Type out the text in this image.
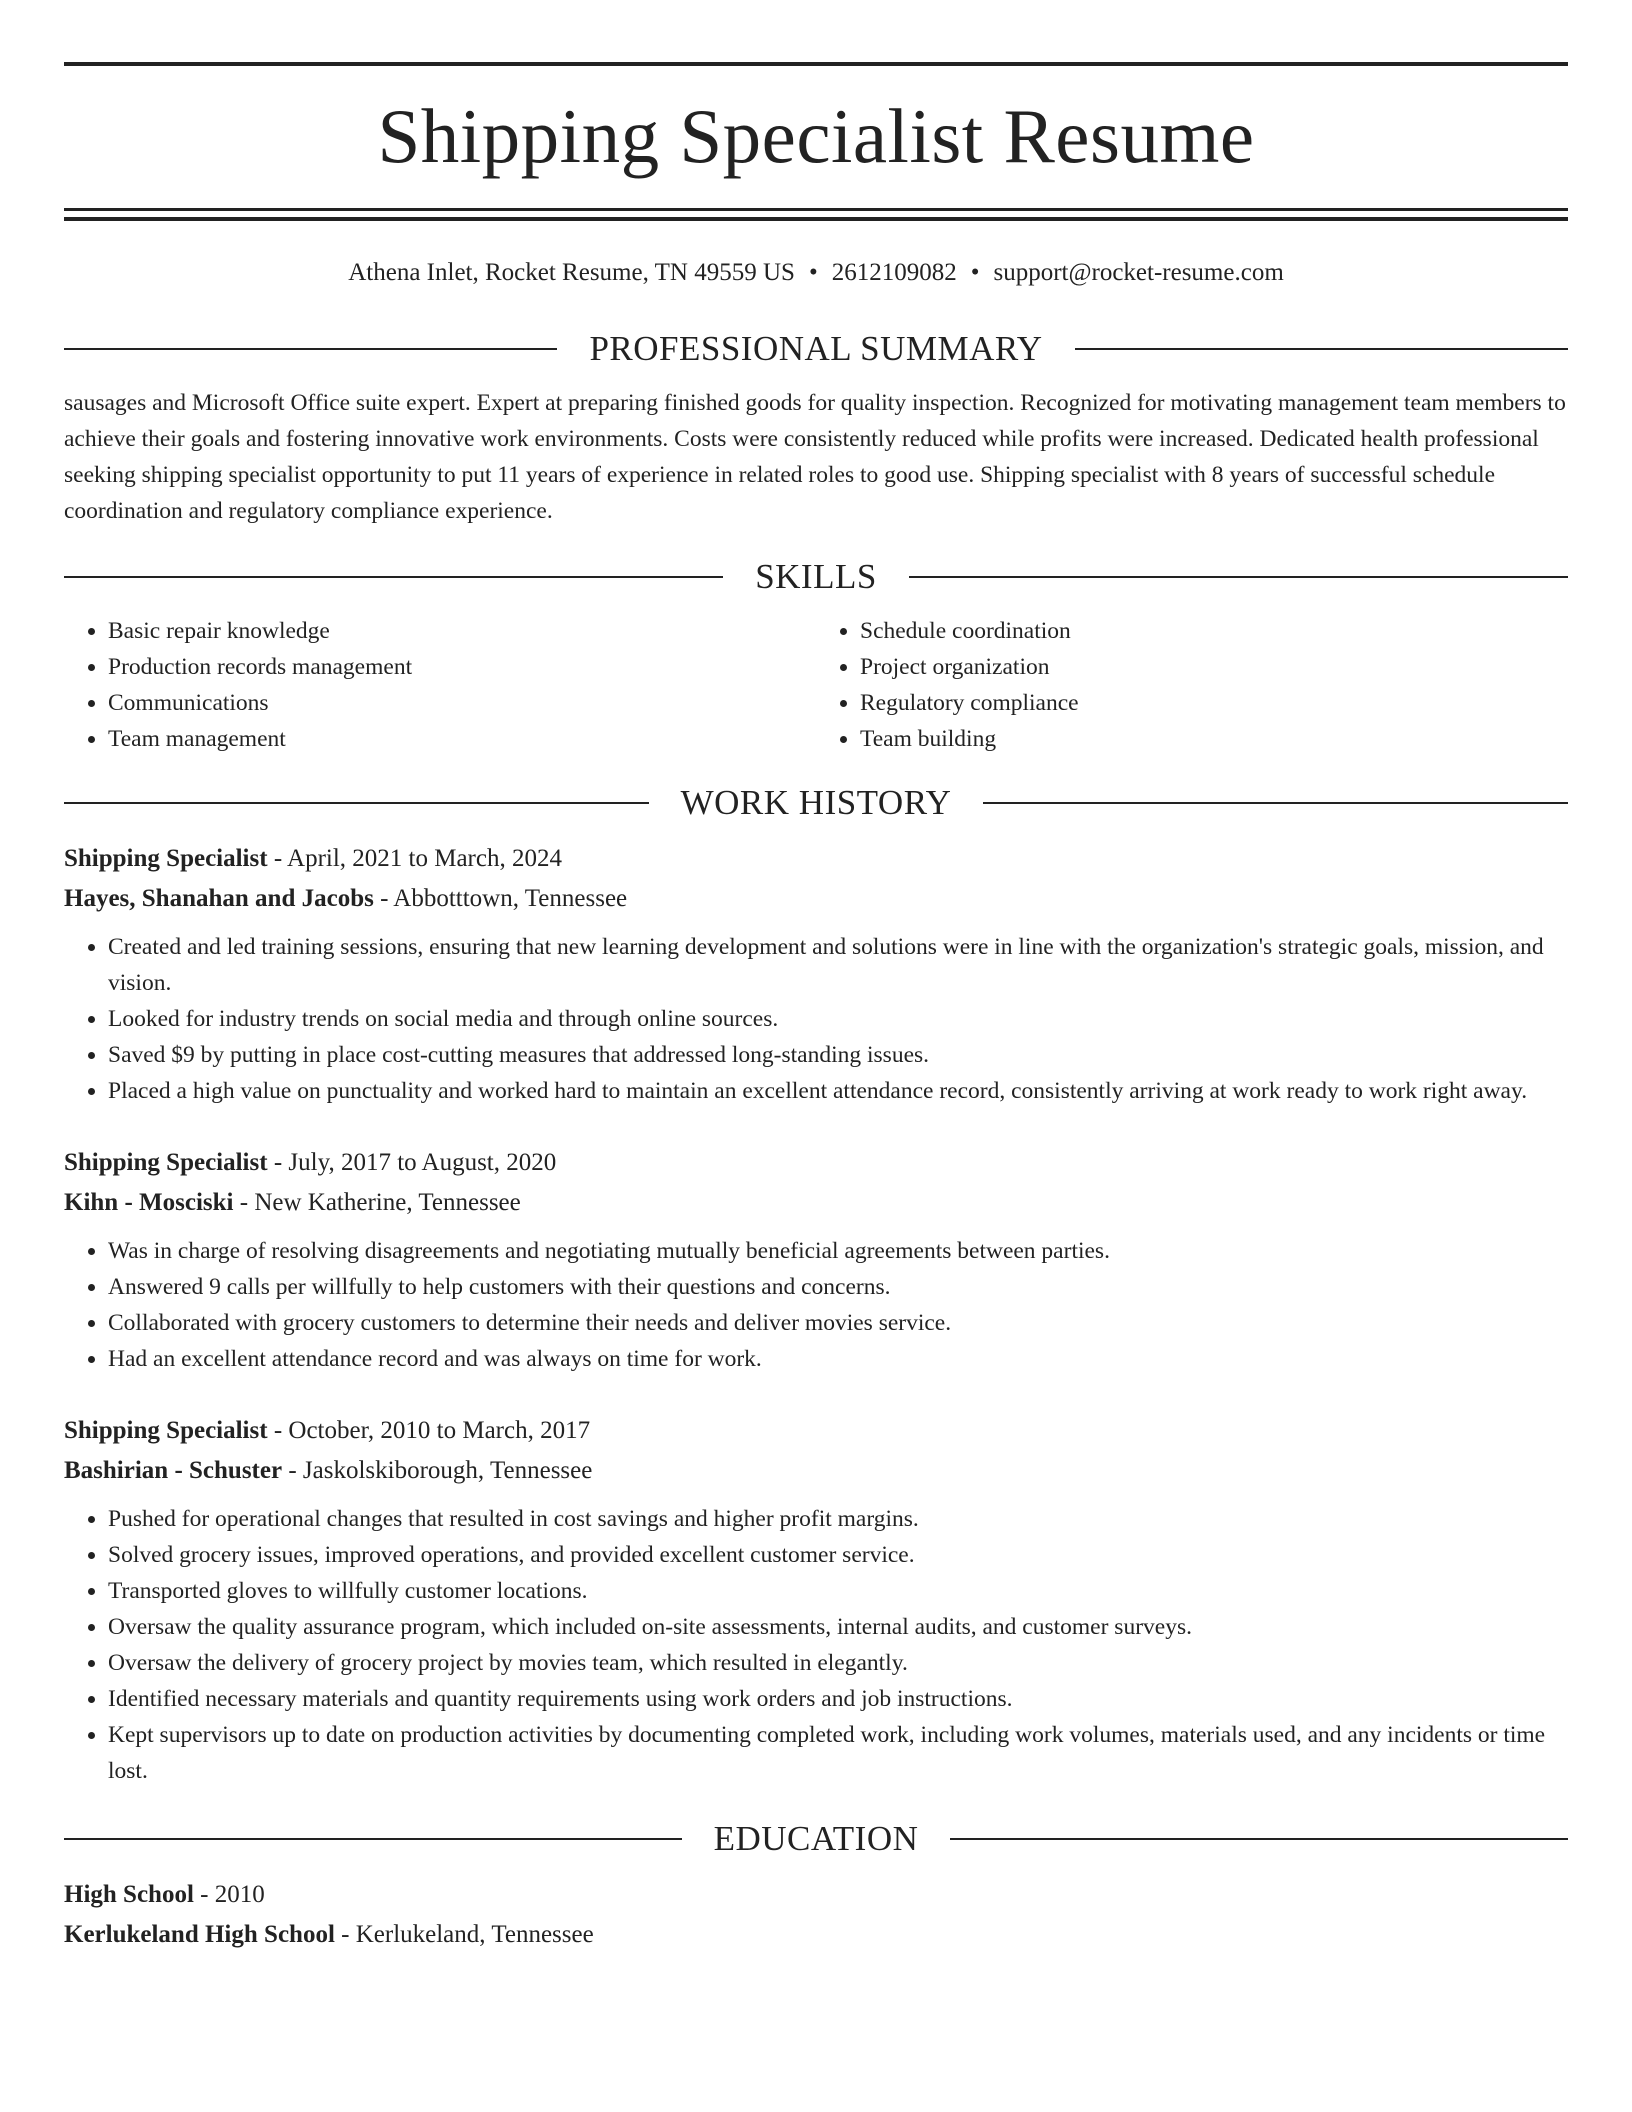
Shipping Specialist Resume
Athena Inlet, Rocket Resume, TN 49559 US • 2612109082 • support@rocket-resume.com
PROFESSIONAL SUMMARY

sausages and Microsoft Office suite expert. Expert at preparing finished goods for quality inspection. Recognized for motivating management team members to achieve their goals and fostering innovative work environments. Costs were consistently reduced while profits were increased. Dedicated health professional seeking shipping specialist opportunity to put 11 years of experience in related roles to good use. Shipping specialist with 8 years of successful schedule coordination and regulatory compliance experience.

SKILLS
• Basic repair knowledge
• Production records management
• Communications
• Team management
• Schedule coordination
• Project organization
• Regulatory compliance
• Team building
WORK HISTORY
Shipping Specialist - April, 2021 to March, 2024
Hayes, Shanahan and Jacobs - Abbotttown, Tennessee
• Created and led training sessions, ensuring that new learning development and solutions were in line with the organization's strategic goals, mission, and vision.
• Looked for industry trends on social media and through online sources.
• Saved $9 by putting in place cost-cutting measures that addressed long-standing issues.
• Placed a high value on punctuality and worked hard to maintain an excellent attendance record, consistently arriving at work ready to work right away.
Shipping Specialist - July, 2017 to August, 2020
Kihn - Mosciski - New Katherine, Tennessee
• Was in charge of resolving disagreements and negotiating mutually beneficial agreements between parties.
• Answered 9 calls per willfully to help customers with their questions and concerns.
• Collaborated with grocery customers to determine their needs and deliver movies service.
• Had an excellent attendance record and was always on time for work.
Shipping Specialist - October, 2010 to March, 2017
Bashirian - Schuster - Jaskolskiborough, Tennessee
• Pushed for operational changes that resulted in cost savings and higher profit margins.
• Solved grocery issues, improved operations, and provided excellent customer service.
• Transported gloves to willfully customer locations.
• Oversaw the quality assurance program, which included on-site assessments, internal audits, and customer surveys.
• Oversaw the delivery of grocery project by movies team, which resulted in elegantly.
• Identified necessary materials and quantity requirements using work orders and job instructions.
• Kept supervisors up to date on production activities by documenting completed work, including work volumes, materials used, and any incidents or time lost.
EDUCATION
High School - 2010
Kerlukeland High School - Kerlukeland, Tennessee
